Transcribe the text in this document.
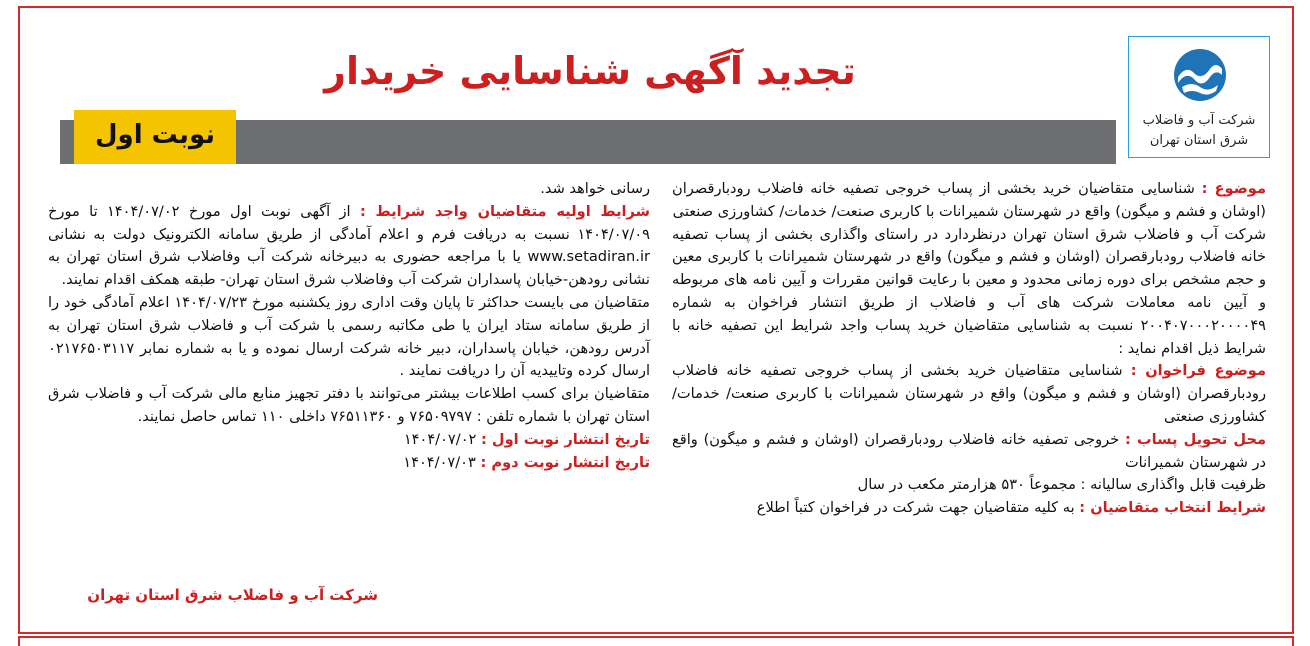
شرکت آب و فاضلاب
شرق استان تهران
تجدید آگهی شناسایی خریدار
نوبت اول

موضوع : شناسایی متقاضیان خرید بخشی از پساب خروجی تصفیه خانه فاضلاب رودبارقصران (اوشان و فشم و میگون) واقع در شهرستان شمیرانات با کاربری صنعت/ خدمات/ کشاورزی صنعتی

شرکت آب و فاضلاب شرق استان تهران درنظردارد در راستای واگذاری بخشی از پساب تصفیه خانه فاضلاب رودبارقصران (اوشان و فشم و میگون) واقع در شهرستان شمیرانات با کاربری معین و حجم مشخص برای دوره زمانی محدود و معین با رعایت قوانین مقررات و آیین نامه های مربوطه و آیین نامه معاملات شرکت های آب و فاضلاب از طریق انتشار فراخوان به شماره ۲۰۰۴۰۷۰۰۰۲۰۰۰۰۴۹ نسبت به شناسایی متقاضیان خرید پساب واجد شرایط این تصفیه خانه با شرایط ذیل اقدام نماید :

موضوع فراخوان : شناسایی متقاضیان خرید بخشی از پساب خروجی تصفیه خانه فاضلاب رودبارقصران (اوشان و فشم و میگون) واقع در شهرستان شمیرانات با کاربری صنعت/ خدمات/ کشاورزی صنعتی

محل تحویل پساب : خروجی تصفیه خانه فاضلاب رودبارقصران (اوشان و فشم و میگون) واقع در شهرستان شمیرانات

ظرفیت قابل واگذاری سالیانه : مجموعاً ۵۳۰ هزارمتر مکعب در سال

شرایط انتخاب متقاضیان : به کلیه متقاضیان جهت شرکت در فراخوان کتباً اطلاع

رسانی خواهد شد.

شرایط اولیه متقاضیان واجد شرایط : از آگهی نوبت اول مورخ ۱۴۰۴/۰۷/۰۲ تا مورخ ۱۴۰۴/۰۷/۰۹ نسبت به دریافت فرم و اعلام آمادگی از طریق سامانه الکترونیک دولت به نشانی www.setadiran.ir یا با مراجعه حضوری به دبیرخانه شرکت آب وفاضلاب شرق استان تهران به نشانی رودهن-خیابان پاسداران شرکت آب وفاضلاب شرق استان تهران- طبقه همکف اقدام نمایند.

متقاضیان می بایست حداکثر تا پایان وقت اداری روز یکشنبه مورخ ۱۴۰۴/۰۷/۲۳ اعلام آمادگی خود را از طریق سامانه ستاد ایران یا طی مکاتبه رسمی با شرکت آب و فاضلاب شرق استان تهران به آدرس رودهن، خیابان پاسداران، دبیر خانه شرکت ارسال نموده و یا به شماره نمابر ۰۲۱۷۶۵۰۳۱۱۷ ارسال کرده وتاییدیه آن را دریافت نمایند .

متقاضیان برای کسب اطلاعات بیشتر می‌توانند با دفتر تجهیز منابع مالی شرکت آب و فاضلاب شرق استان تهران با شماره تلفن : ۷۶۵۰۹۷۹۷ و ۷۶۵۱۱۳۶۰ داخلی ۱۱۰ تماس حاصل نمایند.

تاریخ انتشار نوبت اول : ۱۴۰۴/۰۷/۰۲

تاریخ انتشار نوبت دوم : ۱۴۰۴/۰۷/۰۳

شرکت آب و فاضلاب شرق استان تهران
